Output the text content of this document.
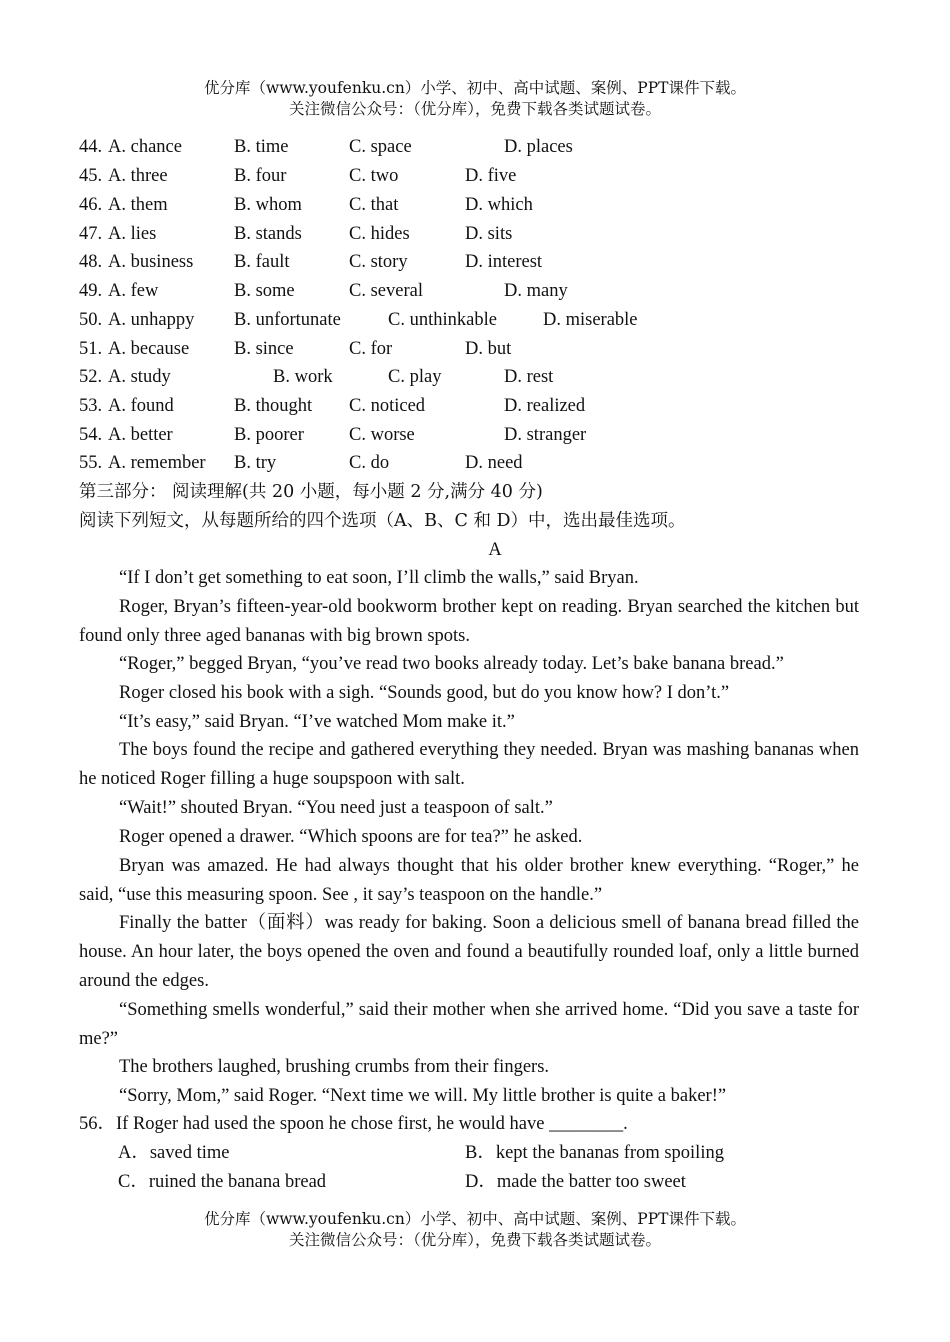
优分库（www.youfenku.cn）小学、初中、高中试题、案例、PPT课件下载。
关注微信公众号：（优分库），免费下载各类试题试卷。
44. A. chance	B. time	C. space	D. places
45. A. three	B. four	C. two	D. five
46. A. them	B. whom	C. that	D. which
47. A. lies	B. stands	C. hides	D. sits
48. A. business B. fault	C. story	D. interest
49. A. few	B. some	C. several	D. many
50. A. unhappy B. unfortunate	C. unthinkable D. miserable
51. A. because B. since	C. for	D. but
52. A. study	B. work	C. play	D. rest
53. A. found	B. thought C. noticed	D. realized
54. A. better	B. poorer C. worse	D. stranger
55. A. remember B. try	C. do	D. need
第三部分： 阅读理解(共 20 小题，每小题 2 分,满分 40 分)
阅读下列短文，从每题所给的四个选项（A、B、C 和 D）中，选出最佳选项。
A
“If I don’t get something to eat soon, I’ll climb the walls,” said Bryan.
Roger, Bryan’s fifteen-year-old bookworm brother kept on reading. Bryan searched the kitchen but found only three aged bananas with big brown spots.
“Roger,” begged Bryan, “you’ve read two books already today. Let’s bake banana bread.”
Roger closed his book with a sigh. “Sounds good, but do you know how? I don’t.”
“It’s easy,” said Bryan. “I’ve watched Mom make it.”
The boys found the recipe and gathered everything they needed. Bryan was mashing bananas when he noticed Roger filling a huge soupspoon with salt.
“Wait!” shouted Bryan. “You need just a teaspoon of salt.”
Roger opened a drawer. “Which spoons are for tea?” he asked.
Bryan was amazed. He had always thought that his older brother knew everything. “Roger,” he said, “use this measuring spoon. See , it say’s teaspoon on the handle.”
Finally the batter（面料）was ready for baking. Soon a delicious smell of banana bread filled the house. An hour later, the boys opened the oven and found a beautifully rounded loaf, only a little burned around the edges.
“Something smells wonderful,” said their mother when she arrived home. “Did you save a taste for me?”
The brothers laughed, brushing crumbs from their fingers.
“Sorry, Mom,” said Roger. “Next time we will. My little brother is quite a baker!”
56．If Roger had used the spoon he chose first, he would have ________.
A．saved time	B．kept the bananas from spoiling
C．ruined the banana bread	D．made the batter too sweet
优分库（www.youfenku.cn）小学、初中、高中试题、案例、PPT课件下载。
关注微信公众号：（优分库），免费下载各类试题试卷。
